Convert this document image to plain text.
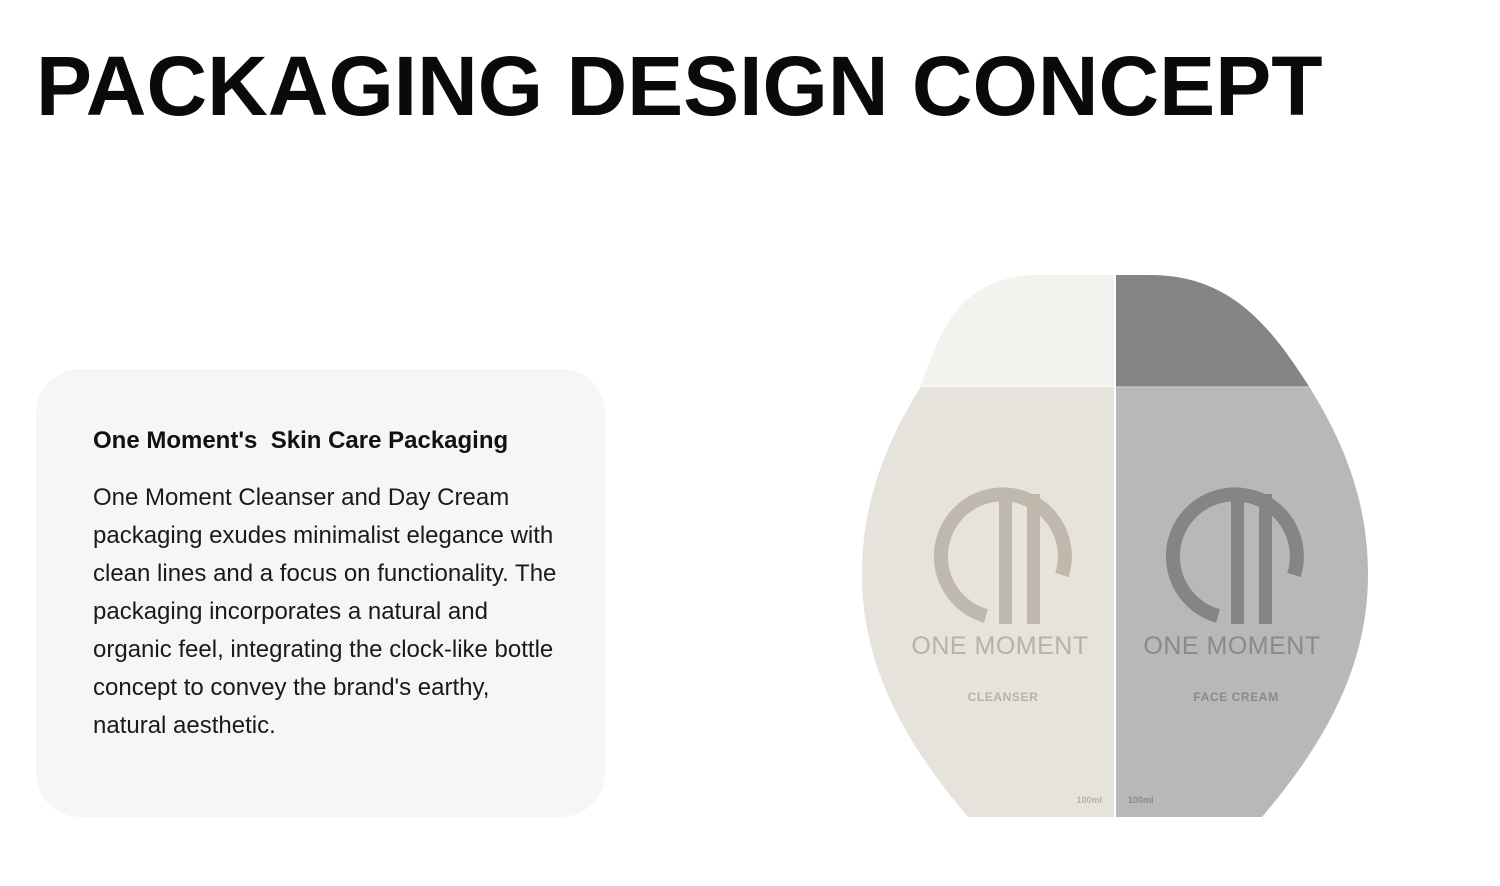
PACKAGING DESIGN CONCEPT
One Moment's  Skin Care Packaging

One Moment Cleanser and Day Cream packaging exudes minimalist elegance with clean lines and a focus on functionality. The packaging incorporates a natural and organic feel, integrating the clock-like bottle concept to convey the brand's earthy, natural aesthetic.

ONE MOMENT
CLEANSER
100ml
ONE MOMENT
FACE CREAM
100ml
